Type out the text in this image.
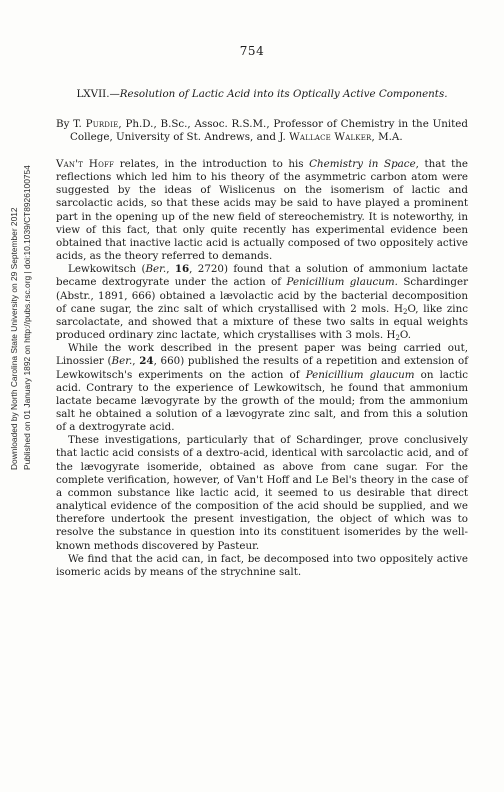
754
Downloaded by North Carolina State University on 29 September 2012 Published on 01 January 1892 on http://pubs.rsc.org | doi:10.1039/CT8926100754

LXVII.—Resolution of Lactic Acid into its Optically Active Components.

By T. Purdie, Ph.D., B.Sc., Assoc. R.S.M., Professor of Chemistry in the United College, University of St. Andrews, and J. Wallace Walker, M.A.

Van't Hoff relates, in the introduction to his Chemistry in Space, that the reflections which led him to his theory of the asymmetric carbon atom were suggested by the ideas of Wislicenus on the isomerism of lactic and sarcolactic acids, so that these acids may be said to have played a prominent part in the opening up of the new field of stereochemistry. It is noteworthy, in view of this fact, that only quite recently has experimental evidence been obtained that inactive lactic acid is actually composed of two oppositely active acids, as the theory referred to demands.

Lewkowitsch (Ber., 16, 2720) found that a solution of ammonium lactate became dextrogyrate under the action of Penicillium glaucum. Schardinger (Abstr., 1891, 666) obtained a lævolactic acid by the bacterial decomposition of cane sugar, the zinc salt of which crystallised with 2 mols. $H_2O$, like zinc sarcolactate, and showed that a mixture of these two salts in equal weights produced ordinary zinc lactate, which crystallises with 3 mols. $H_2O$.

While the work described in the present paper was being carried out, Linossier (Ber., 24, 660) published the results of a repetition and extension of Lewkowitsch's experiments on the action of Penicillium glaucum on lactic acid. Contrary to the experience of Lewkowitsch, he found that ammonium lactate became lævogyrate by the growth of the mould; from the ammonium salt he obtained a solution of a lævogyrate zinc salt, and from this a solution of a dextrogyrate acid.

These investigations, particularly that of Schardinger, prove conclusively that lactic acid consists of a dextro-acid, identical with sarcolactic acid, and of the lævogyrate isomeride, obtained as above from cane sugar. For the complete verification, however, of Van't Hoff and Le Bel's theory in the case of a common substance like lactic acid, it seemed to us desirable that direct analytical evidence of the composition of the acid should be supplied, and we therefore undertook the present investigation, the object of which was to resolve the substance in question into its constituent isomerides by the well-known methods discovered by Pasteur.

We find that the acid can, in fact, be decomposed into two oppositely active isomeric acids by means of the strychnine salt.
